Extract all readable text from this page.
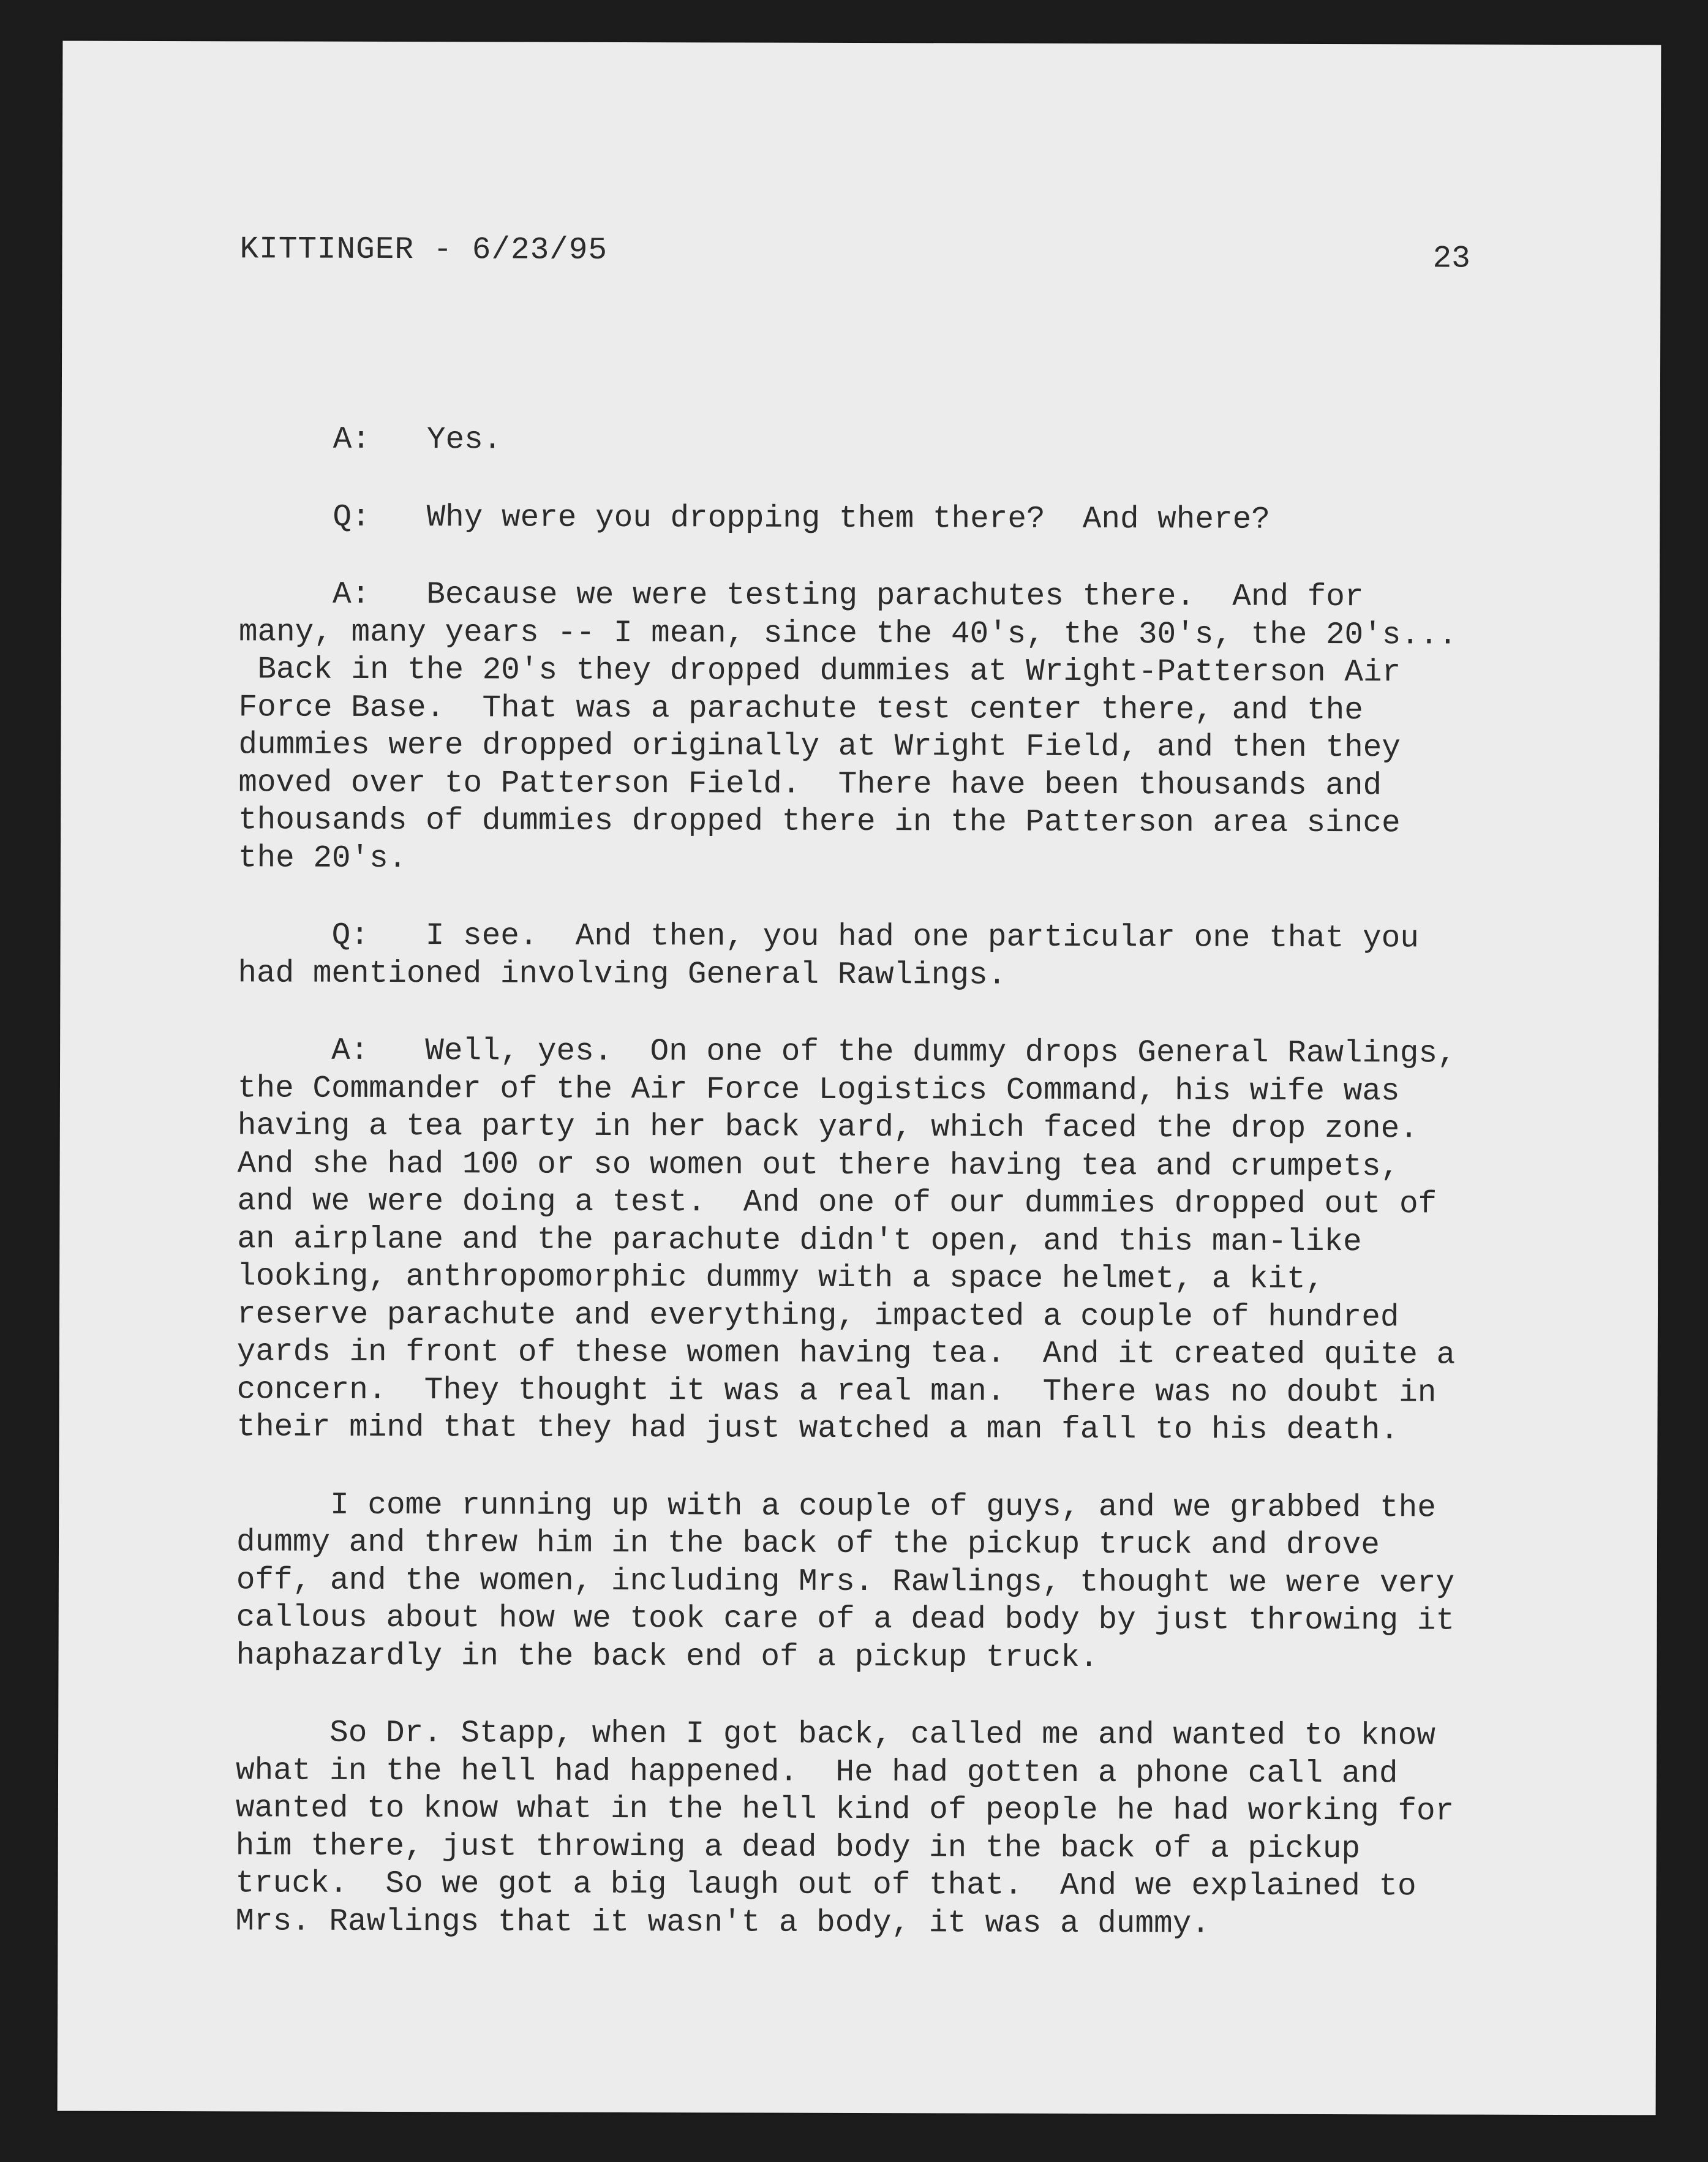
KITTINGER - 6/23/95	23
A: Yes.
Q: Why were you dropping them there?  And where?
A: Because we were testing parachutes there.  And for
many, many years -- I mean, since the 40's, the 30's, the 20's...
Back in the 20's they dropped dummies at Wright-Patterson Air
Force Base.  That was a parachute test center there, and the
dummies were dropped originally at Wright Field, and then they
moved over to Patterson Field.  There have been thousands and
thousands of dummies dropped there in the Patterson area since
the 20's.
Q: I see.  And then, you had one particular one that you
had mentioned involving General Rawlings.
A: Well, yes.  On one of the dummy drops General Rawlings,
the Commander of the Air Force Logistics Command, his wife was
having a tea party in her back yard, which faced the drop zone.
And she had 100 or so women out there having tea and crumpets,
and we were doing a test.  And one of our dummies dropped out of
an airplane and the parachute didn't open, and this man-like
looking, anthropomorphic dummy with a space helmet, a kit,
reserve parachute and everything, impacted a couple of hundred
yards in front of these women having tea.  And it created quite a
concern.  They thought it was a real man.  There was no doubt in
their mind that they had just watched a man fall to his death.
I come running up with a couple of guys, and we grabbed the
dummy and threw him in the back of the pickup truck and drove
off, and the women, including Mrs. Rawlings, thought we were very
callous about how we took care of a dead body by just throwing it
haphazardly in the back end of a pickup truck.
So Dr. Stapp, when I got back, called me and wanted to know
what in the hell had happened.  He had gotten a phone call and
wanted to know what in the hell kind of people he had working for
him there, just throwing a dead body in the back of a pickup
truck.  So we got a big laugh out of that.  And we explained to
Mrs. Rawlings that it wasn't a body, it was a dummy.
